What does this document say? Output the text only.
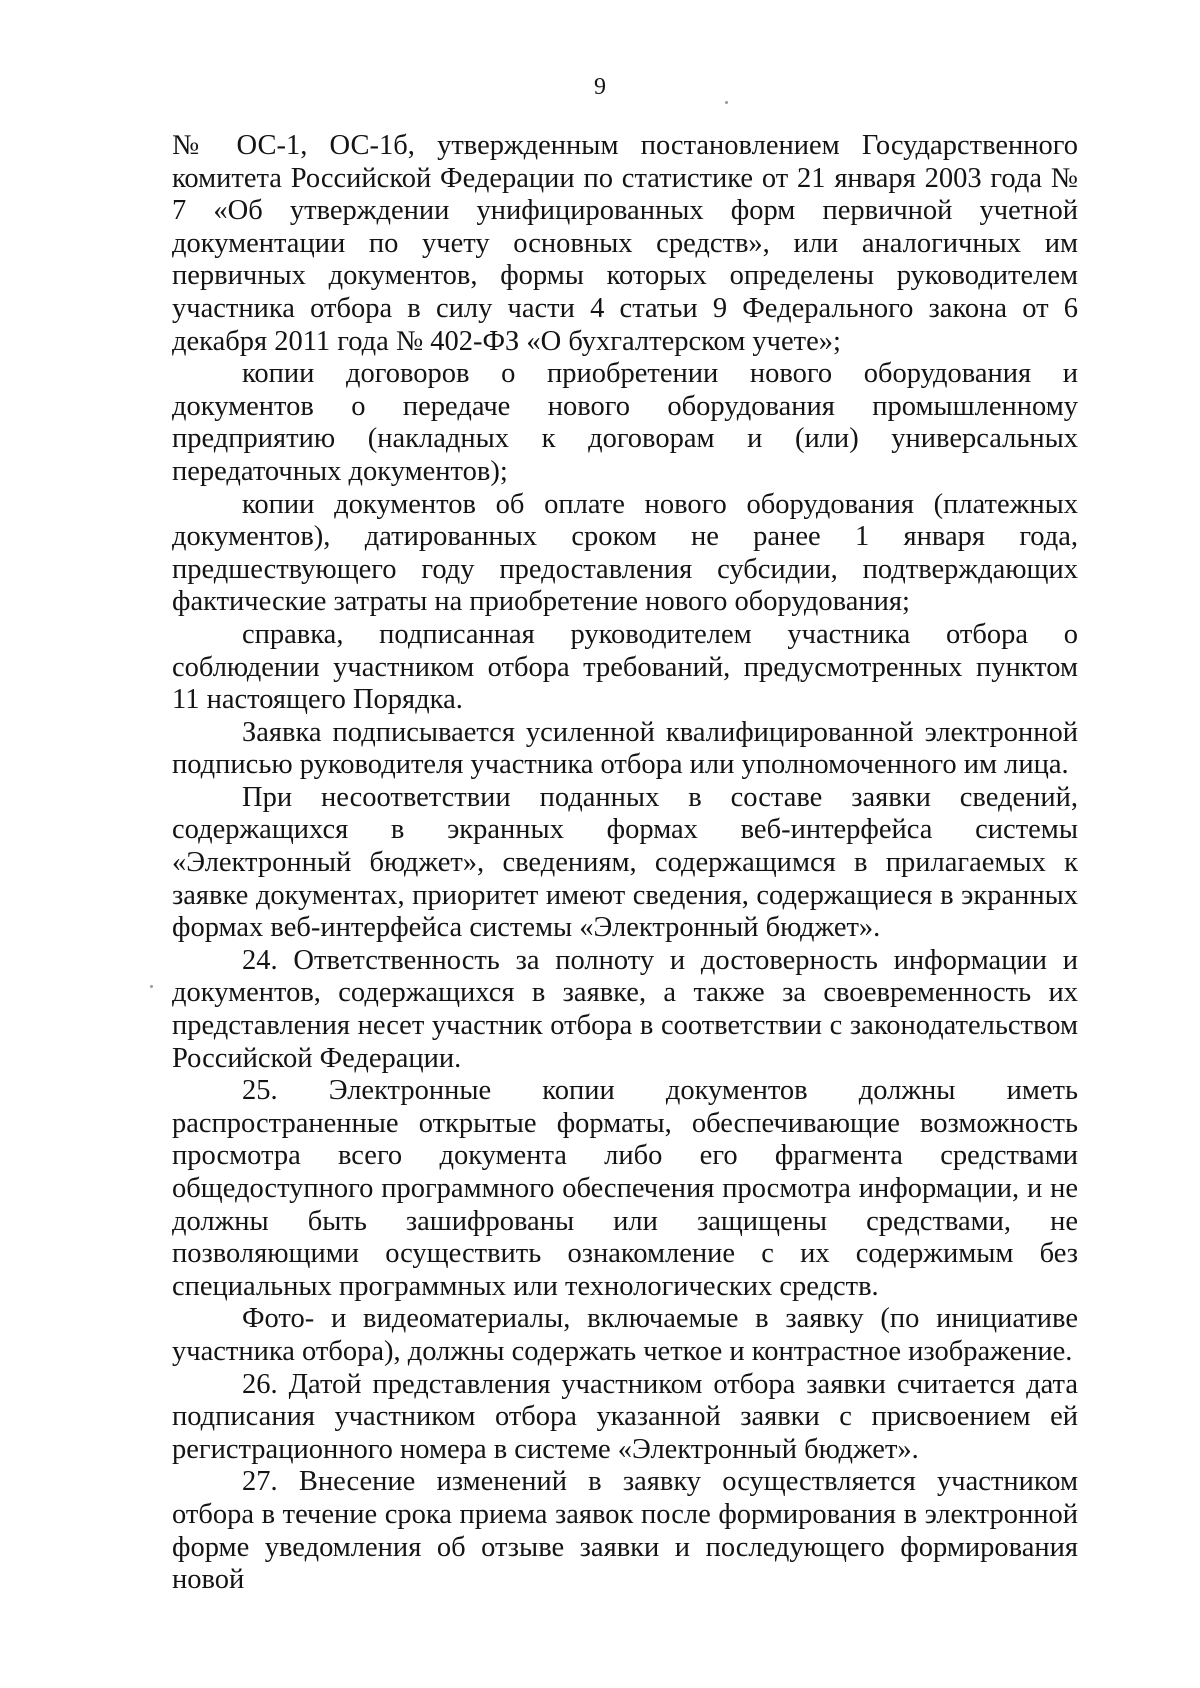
9

№ ОС-1, ОС-1б, утвержденным постановлением Государственного комитета Российской Федерации по статистике от 21 января 2003 года № 7 «Об утверждении унифицированных форм первичной учетной документации по учету основных средств», или аналогичных им первичных документов, формы которых определены руководителем участника отбора в силу части 4 статьи 9 Федерального закона от 6 декабря 2011 года № 402-ФЗ «О бухгалтерском учете»;

копии договоров о приобретении нового оборудования и документов о передаче нового оборудования промышленному предприятию (накладных к договорам и (или) универсальных передаточных документов);

копии документов об оплате нового оборудования (платежных документов), датированных сроком не ранее 1 января года, предшествующего году предоставления субсидии, подтверждающих фактические затраты на приобретение нового оборудования;

справка, подписанная руководителем участника отбора о соблюдении участником отбора требований, предусмотренных пунктом 11 настоящего Порядка.

Заявка подписывается усиленной квалифицированной электронной подписью руководителя участника отбора или уполномоченного им лица.

При несоответствии поданных в составе заявки сведений, содержащихся в экранных формах веб-интерфейса системы «Электронный бюджет», сведениям, содержащимся в прилагаемых к заявке документах, приоритет имеют сведения, содержащиеся в экранных формах веб-интерфейса системы «Электронный бюджет».

24. Ответственность за полноту и достоверность информации и документов, содержащихся в заявке, а также за своевременность их представления несет участник отбора в соответствии с законодательством Российской Федерации.

25. Электронные копии документов должны иметь распространенные открытые форматы, обеспечивающие возможность просмотра всего документа либо его фрагмента средствами общедоступного программного обеспечения просмотра информации, и не должны быть зашифрованы или защищены средствами, не позволяющими осуществить ознакомление с их содержимым без специальных программных или технологических средств.

Фото- и видеоматериалы, включаемые в заявку (по инициативе участника отбора), должны содержать четкое и контрастное изображение.

26. Датой представления участником отбора заявки считается дата подписания участником отбора указанной заявки с присвоением ей регистрационного номера в системе «Электронный бюджет».

27. Внесение изменений в заявку осуществляется участником отбора в течение срока приема заявок после формирования в электронной форме уведомления об отзыве заявки и последующего формирования новой
